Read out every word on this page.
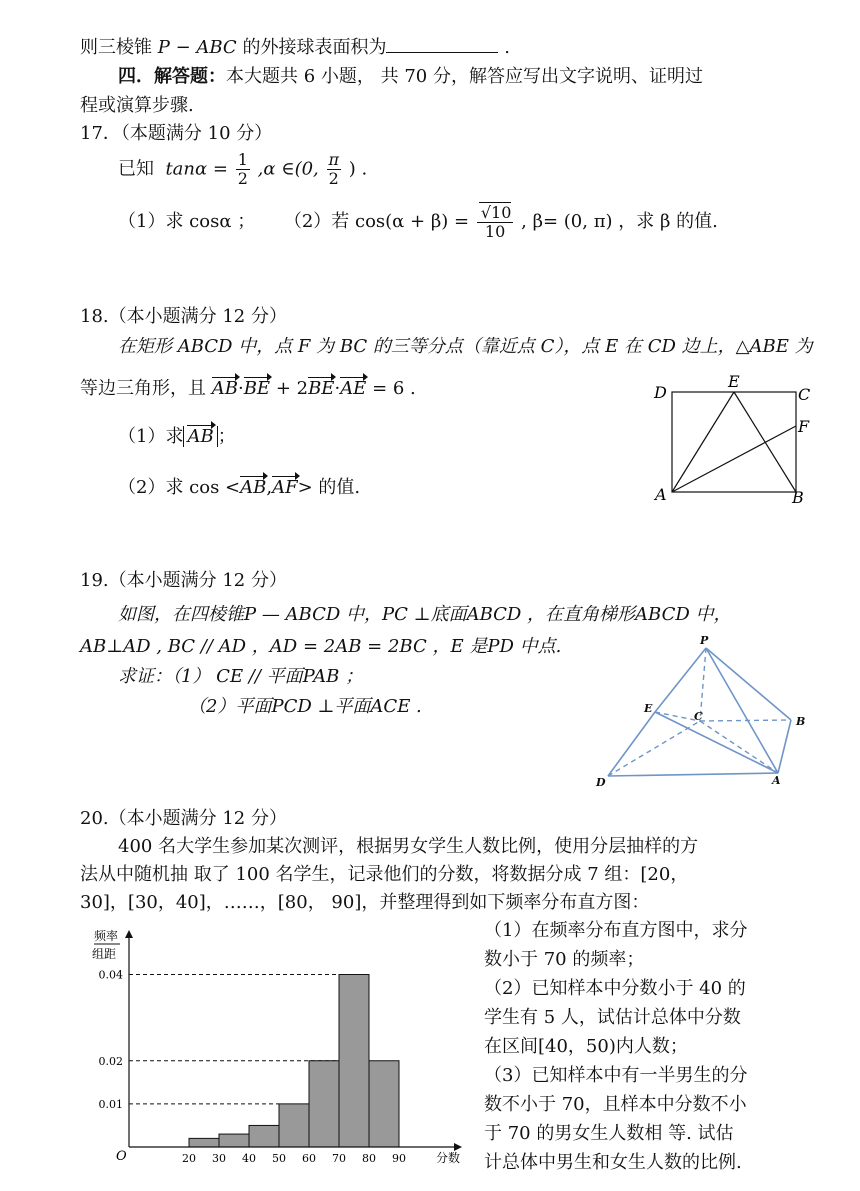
则三棱锥 P − ABC 的外接球表面积为	.
四．解答题：本大题共 6 小题， 共 70 分，解答应写出文字说明、证明过
程或演算步骤.
17．（本题满分 10 分）
已知 $\tan\alpha = \frac{1}{2} ,\alpha$ ∈(0, $\frac{\pi}{2}$ ) .
（1）求 cosα ； （2）若 $\cos(\alpha + \beta) = \frac{√10}{10}$ , β= (0, π) ，求 β 的值.
18.（本小题满分 12 分）
在矩形 ABCD 中，点 F 为 BC 的三等分点（靠近点 C），点 E 在 CD 边上，△ABE 为
等边三角形，且 AB·BE + 2BE·AE = 6 .
（1）求 AB ；
（2）求 cos <AB,AF> 的值.
D
E
C
F
A	B
19.（本小题满分 12 分）
如图，在四棱锥P — ABCD 中，PC ⊥底面ABCD ，在直角梯形ABCD 中，
AB⊥AD , BC // AD ，AD = 2AB = 2BC ，E 是PD 中点.
求证：（1） CE // 平面PAB ；
（2）平面PCD ⊥平面ACE .
P
E
C	B
D	A
20.（本小题满分 12 分）
400 名大学生参加某次测评，根据男女学生人数比例，使用分层抽样的方
法从中随机抽 取了 100 名学生，记录他们的分数，将数据分成 7 组：[20，
30]，[30，40]，……，[80， 90]，并整理得到如下频率分布直方图：
（1）在频率分布直方图中，求分
数小于 70 的频率；
（2）已知样本中分数小于 40 的
学生有 5 人，试估计总体中分数
在区间[40，50)内人数；
（3）已知样本中有一半男生的分
数不小于 70，且样本中分数不小
于 70 的男女生人数相 等. 试估
计总体中男生和女生人数的比例.
频率
组距
O	分数
20 30 40 50 60 70 80 90
0.01
0.02
0.04
